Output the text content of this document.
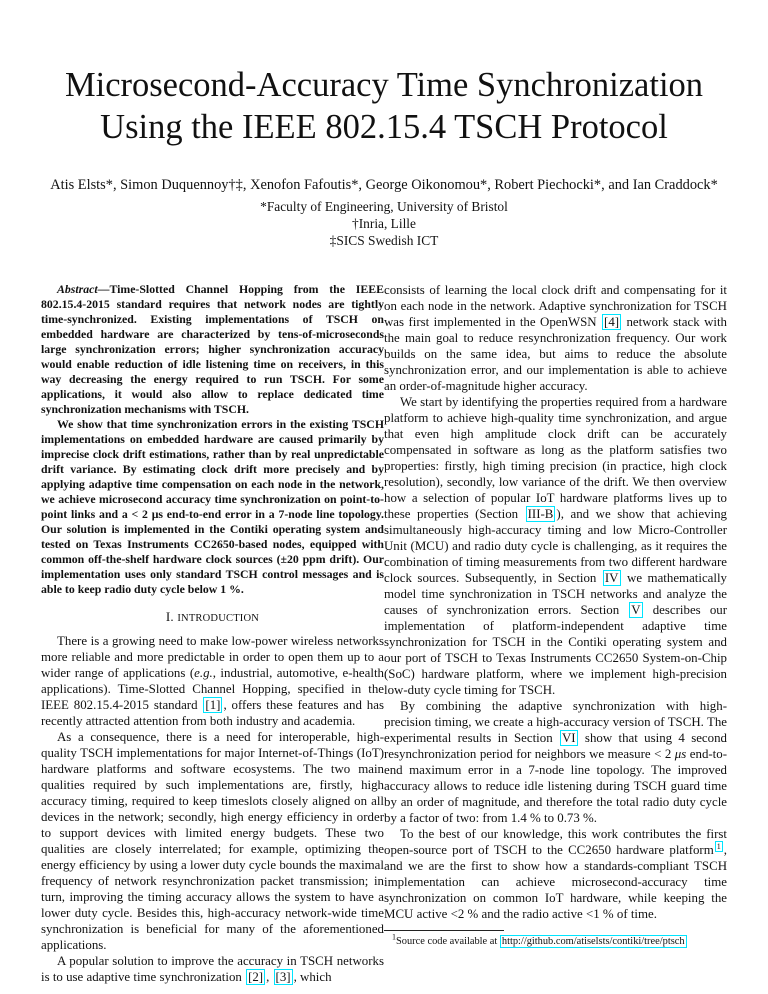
Microsecond-Accuracy Time Synchronization Using the IEEE 802.15.4 TSCH Protocol
Atis Elsts*, Simon Duquennoy†‡, Xenofon Fafoutis*, George Oikonomou*, Robert Piechocki*, and Ian Craddock*
*Faculty of Engineering, University of Bristol
†Inria, Lille
‡SICS Swedish ICT

Abstract—Time-Slotted Channel Hopping from the IEEE 802.15.4-2015 standard requires that network nodes are tightly time-synchronized. Existing implementations of TSCH on embedded hardware are characterized by tens-of-microseconds large synchronization errors; higher synchronization accuracy would enable reduction of idle listening time on receivers, in this way decreasing the energy required to run TSCH. For some applications, it would also allow to replace dedicated time synchronization mechanisms with TSCH.

We show that time synchronization errors in the existing TSCH implementations on embedded hardware are caused primarily by imprecise clock drift estimations, rather than by real unpredictable drift variance. By estimating clock drift more precisely and by applying adaptive time compensation on each node in the network, we achieve microsecond accuracy time synchronization on point-to-point links and a < 2 μs end-to-end error in a 7-node line topology. Our solution is implemented in the Contiki operating system and tested on Texas Instruments CC2650-based nodes, equipped with common off-the-shelf hardware clock sources (±20 ppm drift). Our implementation uses only standard TSCH control messages and is able to keep radio duty cycle below 1 %.

I. INTRODUCTION

There is a growing need to make low-power wireless networks more reliable and more predictable in order to open them up to a wider range of applications (e.g., industrial, automotive, e-health applications). Time-Slotted Channel Hopping, specified in the IEEE 802.15.4-2015 standard [1] , offers these features and has recently attracted attention from both industry and academia.

As a consequence, there is a need for interoperable, high-quality TSCH implementations for major Internet-of-Things (IoT) hardware platforms and software ecosystems. The two main qualities required by such implementations are, firstly, high accuracy timing, required to keep timeslots closely aligned on all devices in the network; secondly, high energy efficiency in order to support devices with limited energy budgets. These two qualities are closely interrelated; for example, optimizing the energy efficiency by using a lower duty cycle bounds the maximal frequency of network resynchronization packet transmission; in turn, improving the timing accuracy allows the system to have a lower duty cycle. Besides this, high-accuracy network-wide time synchronization is beneficial for many of the aforementioned applications.

A popular solution to improve the accuracy in TSCH networks is to use adaptive time synchronization [2] , [3] , which

consists of learning the local clock drift and compensating for it on each node in the network. Adaptive synchronization for TSCH was first implemented in the OpenWSN [4] network stack with the main goal to reduce resynchronization frequency. Our work builds on the same idea, but aims to reduce the absolute synchronization error, and our implementation is able to achieve an order-of-magnitude higher accuracy.

We start by identifying the properties required from a hardware platform to achieve high-quality time synchronization, and argue that even high amplitude clock drift can be accurately compensated in software as long as the platform satisfies two properties: firstly, high timing precision (in practice, high clock resolution), secondly, low variance of the drift. We then overview how a selection of popular IoT hardware platforms lives up to these properties (Section III-B ), and we show that achieving simultaneously high-accuracy timing and low Micro-Controller Unit (MCU) and radio duty cycle is challenging, as it requires the combination of timing measurements from two different hardware clock sources. Subsequently, in Section IV we mathematically model time synchronization in TSCH networks and analyze the causes of synchronization errors. Section V describes our implementation of platform-independent adaptive time synchronization for TSCH in the Contiki operating system and our port of TSCH to Texas Instruments CC2650 System-on-Chip (SoC) hardware platform, where we implement high-precision low-duty cycle timing for TSCH.

By combining the adaptive synchronization with high-precision timing, we create a high-accuracy version of TSCH. The experimental results in Section VI show that using 4 second resynchronization period for neighbors we measure < 2 μs end-to-end maximum error in a 7-node line topology. The improved accuracy allows to reduce idle listening during TSCH guard time by an order of magnitude, and therefore the total radio duty cycle by a factor of two: from 1.4 % to 0.73 %.

To the best of our knowledge, this work contributes the first open-source port of TSCH to the CC2650 hardware platform $^1$ , and we are the first to show how a standards-compliant TSCH implementation can achieve microsecond-accuracy time synchronization on common IoT hardware, while keeping the MCU active <2 % and the radio active <1 % of time.

$^1$Source code available at http://github.com/atiselsts/contiki/tree/ptsch
